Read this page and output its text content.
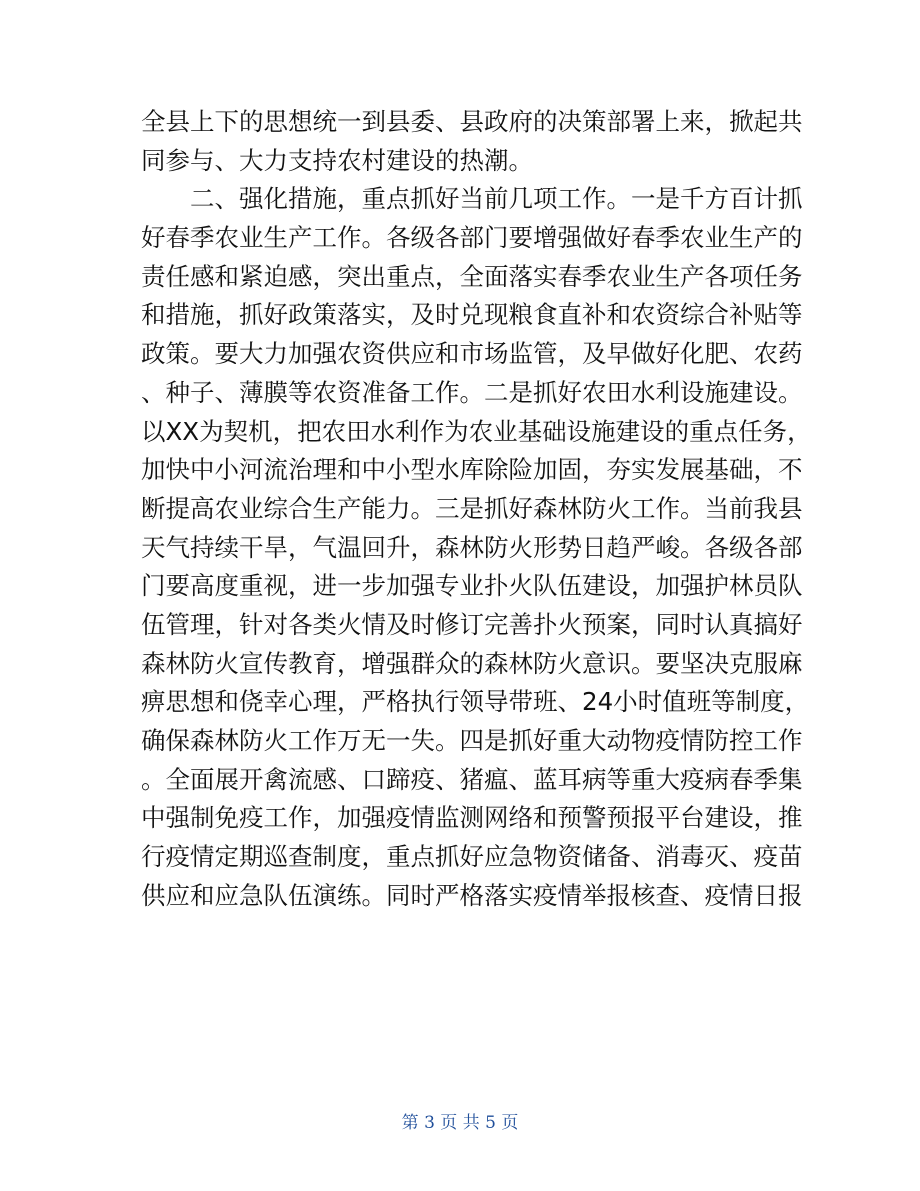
全县上下的思想统一到县委、县政府的决策部署上来，掀起共
同参与、大力支持农村建设的热潮。
　　二、强化措施，重点抓好当前几项工作。一是千方百计抓
好春季农业生产工作。各级各部门要增强做好春季农业生产的
责任感和紧迫感，突出重点，全面落实春季农业生产各项任务
和措施，抓好政策落实，及时兑现粮食直补和农资综合补贴等
政策。要大力加强农资供应和市场监管，及早做好化肥、农药
、种子、薄膜等农资准备工作。二是抓好农田水利设施建设。
以XX为契机，把农田水利作为农业基础设施建设的重点任务，
加快中小河流治理和中小型水库除险加固，夯实发展基础，不
断提高农业综合生产能力。三是抓好森林防火工作。当前我县
天气持续干旱，气温回升，森林防火形势日趋严峻。各级各部
门要高度重视，进一步加强专业扑火队伍建设，加强护林员队
伍管理，针对各类火情及时修订完善扑火预案，同时认真搞好
森林防火宣传教育，增强群众的森林防火意识。要坚决克服麻
痹思想和侥幸心理，严格执行领导带班、24小时值班等制度，
确保森林防火工作万无一失。四是抓好重大动物疫情防控工作
。全面展开禽流感、口蹄疫、猪瘟、蓝耳病等重大疫病春季集
中强制免疫工作，加强疫情监测网络和预警预报平台建设，推
行疫情定期巡查制度，重点抓好应急物资储备、消毒灭、疫苗
供应和应急队伍演练。同时严格落实疫情举报核查、疫情日报
第 3 页 共 5 页
